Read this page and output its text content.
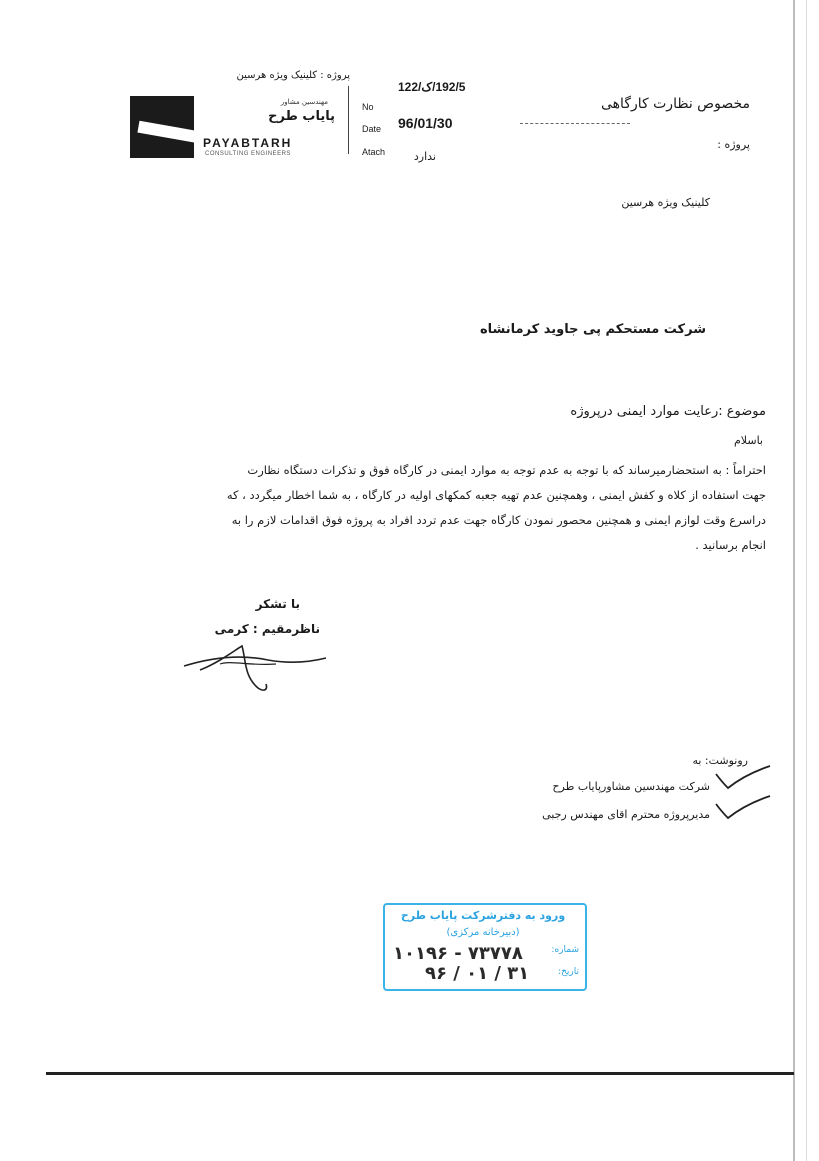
پروژه : کلینیک ویژه هرسین
مهندسین مشاور
پایاب طرح
PAYABTARH
CONSULTING ENGINEERS
No
192/5/ک/122
Date 96/01/30
Atach	ندارد
مخصوص نظارت کارگاهی
پروژه :
کلینیک ویژه هرسین
شرکت مستحکم پی جاوید کرمانشاه
موضوع :رعایت موارد ایمنی درپروژه
باسلام

احتراماً : به استحضارمیرساند که با توجه به عدم توجه به موارد ایمنی در کارگاه فوق و تذکرات دستگاه نظارت

جهت استفاده از کلاه و کفش ایمنی ، وهمچنین عدم تهیه جعبه کمکهای اولیه در کارگاه ، به شما اخطار میگردد ، که

دراسرع وقت لوازم ایمنی و همچنین محصور نمودن کارگاه جهت عدم تردد افراد به پروژه فوق اقدامات لازم را به

انجام برسانید .

با تشکر
ناظرمقیم : کرمی
رونوشت: به
شرکت مهندسین مشاورپایاب طرح
مدیرپروژه محترم اقای مهندس رجبی
ورود به دفترشرکت پایاب طرح
(دبیرخانه مرکزی)
شماره:
۱۰۱۹۶ - ۷۳۷۷۸
تاریخ:
۹۶ / ۰۱ / ۳۱
